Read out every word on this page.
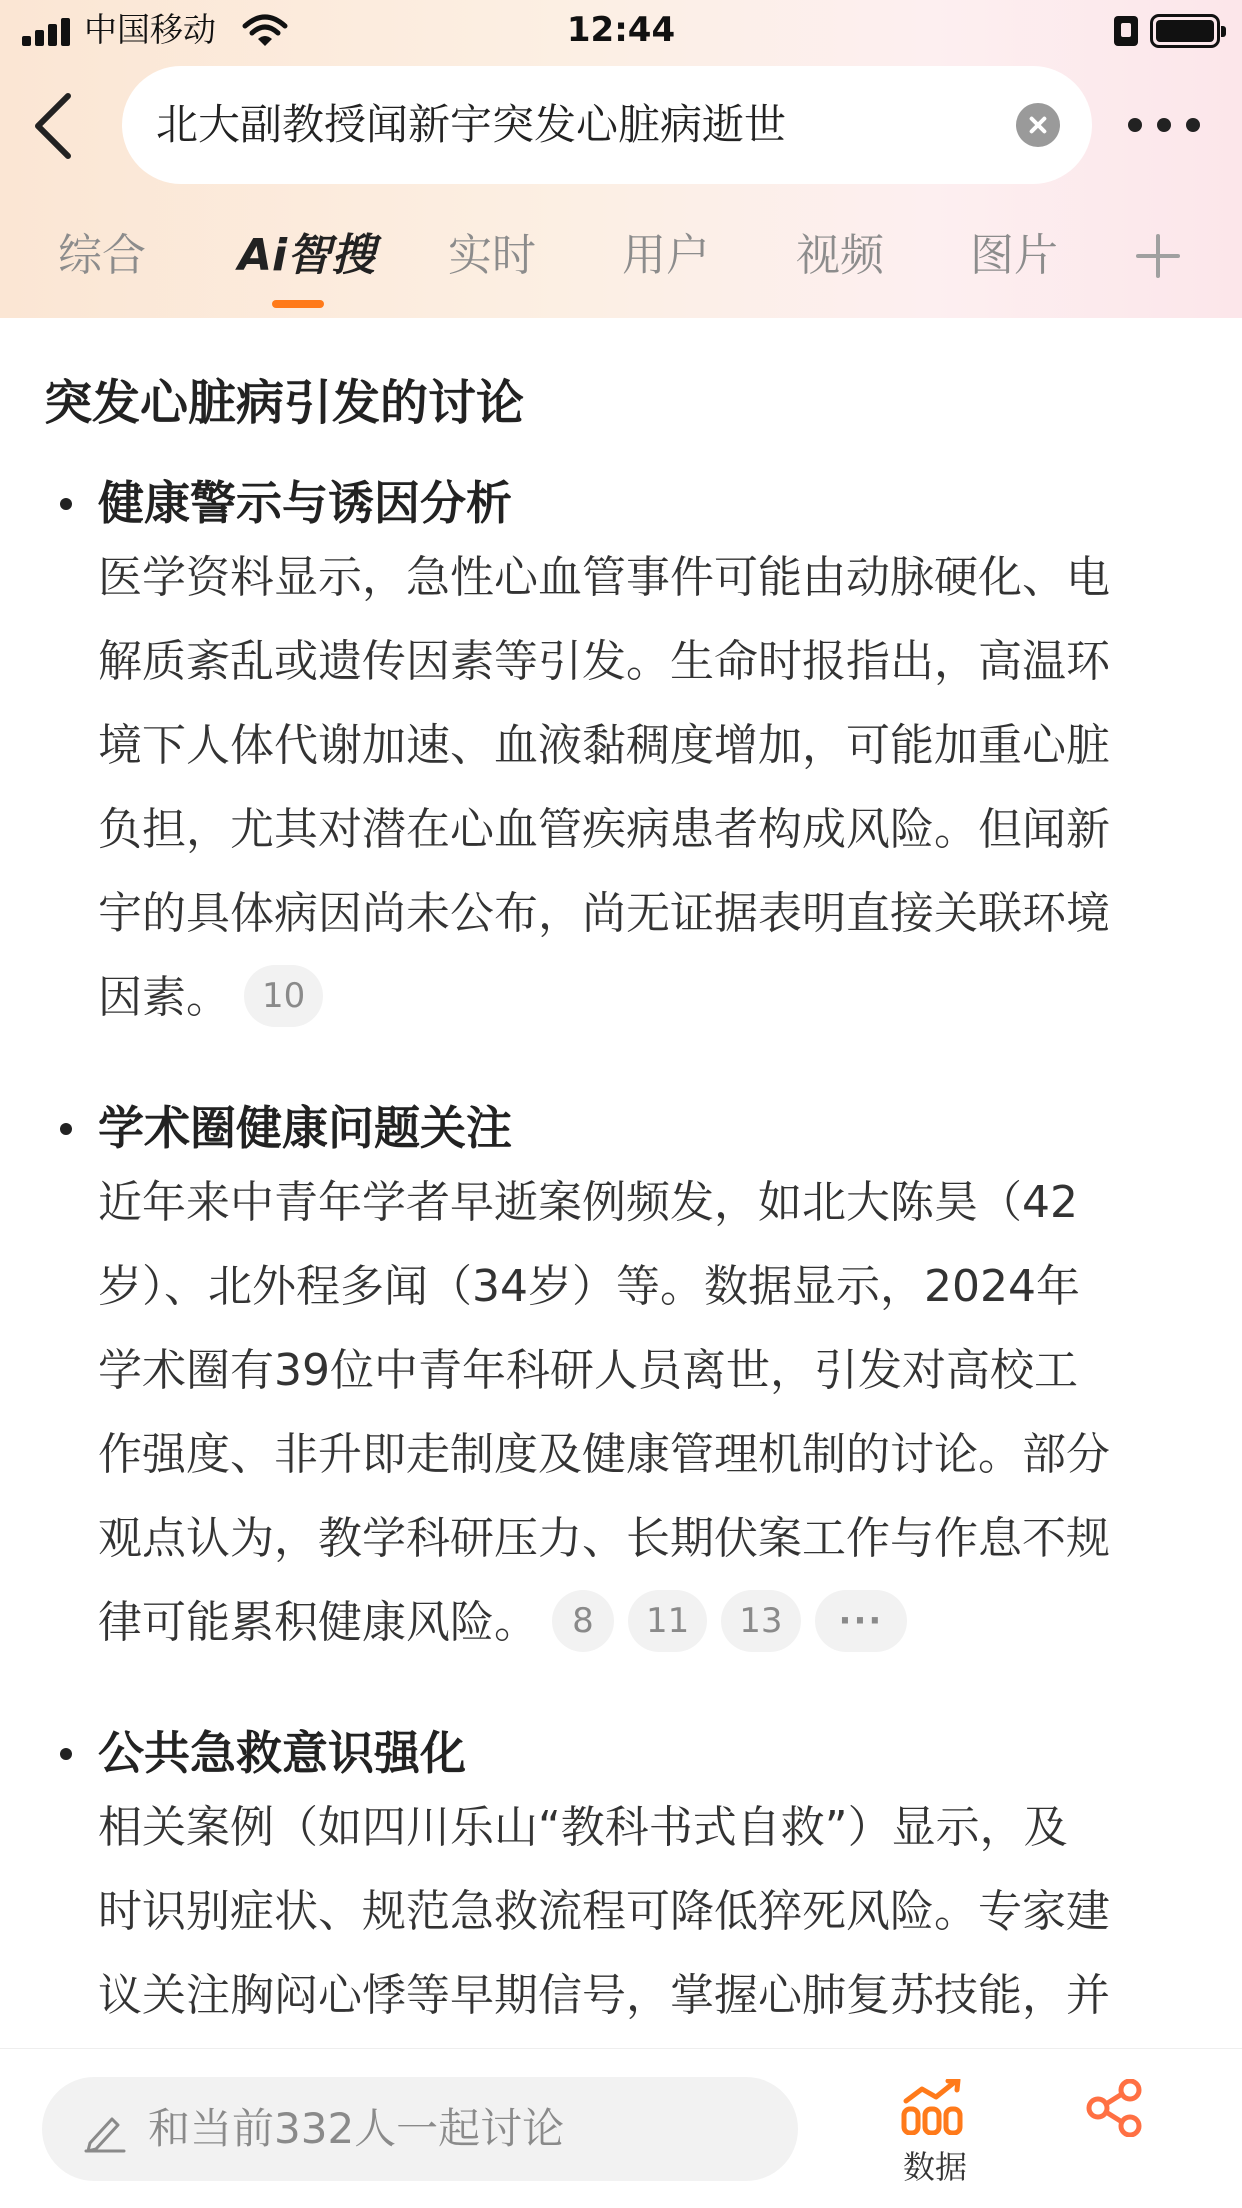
中国移动	12:44
北大副教授闻新宇突发心脏病逝世
综合 Ai智搜 实时 用户 视频 图片
突发心脏病引发的讨论
健康警示与诱因分析
医学资料显示，急性心血管事件可能由动脉硬化、电
解质紊乱或遗传因素等引发。生命时报指出，高温环
境下人体代谢加速、血液黏稠度增加，可能加重心脏
负担，尤其对潜在心血管疾病患者构成风险。但闻新
宇的具体病因尚未公布，尚无证据表明直接关联环境
因素。 10
学术圈健康问题关注
近年来中青年学者早逝案例频发，如北大陈昊（42
岁）、北外程多闻（34岁）等。数据显示，2024年
学术圈有39位中青年科研人员离世，引发对高校工
作强度、非升即走制度及健康管理机制的讨论。部分
观点认为，教学科研压力、长期伏案工作与作息不规
律可能累积健康风险。 8 11 13 ···
公共急救意识强化
相关案例（如四川乐山“教科书式自救”）显示，及
时识别症状、规范急救流程可降低猝死风险。专家建
议关注胸闷心悸等早期信号，掌握心肺复苏技能，并
和当前332人一起讨论
数据
